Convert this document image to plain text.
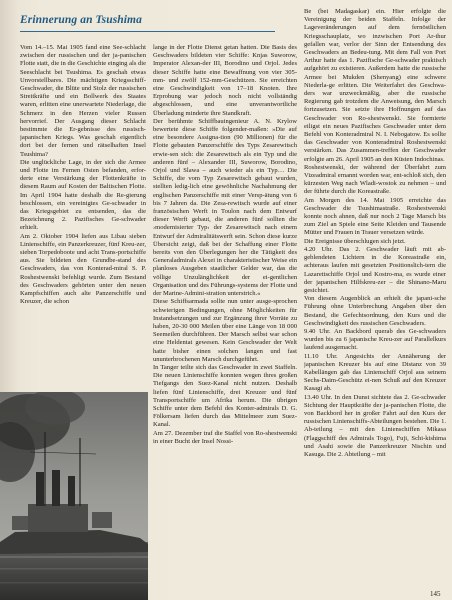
Erinnerung an Tsushima

Vom 14.–15. Mai 1905 fand eine See-schlacht zwischen der russischen und der ja-panischen Flotte statt, die in die Geschichte einging als die Seeschlacht bei Tsushima. Es geschah etwas Unvorstellbares. Die mächtigen Kriegsschiff-Geschwader, die Blüte und Stolz der russischen Streitkräfte und ein Bollwerk des Staates waren, erlitten eine unerwartete Niederlage, die Schmerz in den Herzen vieler Russen hervorrief. Der Ausgang dieser Schlacht bestimmte die Er-gebnisse des russisch-japanischen Kriegs. Was geschah eigentlich dort bei der fernen und rätselhaften Insel Tsushima?

Die unglückliche Lage, in der sich die Armee und Flotte im Fernen Osten befanden, erfor-derte eine Verstärkung der Flottenkräfte in diesem Raum auf Kosten der Baltischen Flotte. Im April 1904 hatte deshalb die Re-gierung beschlossen, ein vereinigtes Ge-schwader in das Kriegsgebiet zu entsenden, das die Bezeichnung 2. Pazifisches Ge-schwader erhielt.

Am 2. Oktober 1904 liefen aus Libau sieben Linienschiffe, ein Panzerkreuzer, fünf Kreu-zer, sieben Torpedoboote und acht Trans-portschiffe aus. Sie bildeten den Grundbe-stand des Geschwaders, das von Konterad-miral S. P. Roshestwenski befehligt wurde. Zum Bestand des Geschwaders gehörten unter den neuen Kampfschiffen auch alte Panzerschiffe und Kreuzer, die schon

lange in der Flotte Dienst getan hatten. Die Basis des Geschwaders bildeten vier Schiffe: Knjas Suworow, Imperator Alexan-der III, Borodino und Orjol. Jedes dieser Schiffe hatte eine Bewaffnung von vier 305-mm- und zwölf 152-mm-Geschützen. Sie erreichten eine Geschwindigkeit von 17–18 Knoten. Ihre Erprobung war jedoch noch nicht vollständig abgeschlossen, und eine unverantwortliche Überladung minderte ihre Standkraft.

Der berühmte Schiffbauingenieur A. N. Krylow bewertete diese Schiffe folgender-maßen: »Die auf eine besondere Assigna-tion (90 Millionen) für die Flotte gebauten Panzerschiffe des Typs Zesarewitsch erwie-sen sich: die Zesarewitsch als ein Typ und die anderen fünf – Alexander III, Suworow, Borodino, Orjol und Slawa – auch wieder als ein Typ… Die Schiffe, die vom Typ Zesarewitsch gebaut wurden, stellten ledig-lich eine gewöhnliche Nachahmung der englischen Panzerschiffe mit einer Versp-ätung von 6 bis 7 Jahren da. Die Zesa-rewitsch wurde auf einer französischen Werft in Toulon nach dem Entwurf dieser Werft gebaut, die anderen fünf sollten die ›modernisierter Typ‹ der Zesarewitsch nach einem Entwurf der Admiralitätswerft sein. Schon diese kurze Übersicht zeigt, daß bei der Schaffung einer Flotte bereits von den Überlegungen her die Tätigkeit des Generaladmirals Alexei in charakteristischer Weise ein planloses Ausgeben staatlicher Gelder war, das die völlige Unzulänglichkeit der ei-gentlichen Organisation und des Führungs-systems der Flotte und der Marine-Admini-stration unterstrich.«

Diese Schiffsarmada sollte nun unter ausge-sprochen schwierigen Bedingungen, ohne Möglichkeiten für Instandsetzungen und zur Ergänzung ihrer Vorräte zu haben, 20-30 000 Meilen über eine Länge von 18 000 Seemeilen durchführen. Der Marsch selbst war schon eine Heldentat gewesen. Kein Geschwader der Welt hatte bisher einen solchen langen und fast ununterbrochenen Marsch durchgeführt.

In Tanger teilte sich das Geschwader in zwei Staffeln. Die neuen Linienschiffe konnten wegen ihres großen Tiefgangs den Suez-Kanal nicht nutzen. Deshalb liefen fünf Linienschiffe, drei Kreuzer und fünf Transportschiffe um Afrika herum. Die übrigen Schiffe unter dem Befehl des Konter-admirals D. G. Fölkersam liefen durch das Mittelmeer zum Suez-Kanal.

Am 27. Dezember traf die Staffel von Ro-shestwenski in einer Bucht der Insel Nossi-

Be (bei Madagaskar) ein. Hier erfolgte die Vereinigung der beiden Staffeln. Infolge der Lageveränderungen auf dem fernöstlichen Kriegsschauplatz, wo inzwischen Port Ar-thur gefallen war, verlor der Sinn der Entsendung des Geschwaders an Bedeu-tung. Mit dem Fall von Port Arthur hatte das 1. Pazifische Ge-schwader praktisch aufgehört zu existieren. Außerdem hatte die russische Armee bei Mukden (Shenyang) eine schwere Niederla-ge erlitten. Die Weiterfahrt des Geschwa-ders war unzweckmäßig, aber die russische Regierung gab trotzdem die Anweisung, den Marsch fortzusetzen. Sie setzte ihre Hoffnungen auf das Geschwader von Ro-shestwenski. Sie formierte eiligst ein neues Pazifisches Geschwader unter dem Befehl von Konteradmiral N. I. Nebogatow. Es sollte das Geschwader von Konteradmiral Roshestwenski verstärken. Das Zusammen-treffen der Geschwader erfolgte am 26. April 1905 an den Küsten Indochinas.

Roshestwenski, der während der Überfahrt zum Vizeadmiral ernannt worden war, ent-schloß sich, den kürzesten Weg nach Wladi-wostok zu nehmen – und der führte durch die Koreastraße.

Am Morgen des 14. Mai 1905 erreichte das Geschwader die Tsushimastraße. Roshestwenski konnte noch ahnen, daß nur noch 2 Tage Marsch bis zum Ziel an Spiele eine Seite Kleiden und Tausende Mütter und Frauen in Trauer versetzen würde.

Die Ereignisse überschlugen sich jetzt.

4.20 Uhr. Das 2. Geschwader läuft mit ab-geblendeten Lichtern in die Koreastraße ein, achteraus laufen mit gesetzten Positionslich-tern die Lazarettschiffe Orjol und Kostro-ma, es wurde einer der japanischen Hilfskreu-zer – die Shinano-Maru gesichtet.

Von diesem Augenblick an erhielt die japani-sche Führung ohne Unterbrechung Angaben über den Bestand, die Gefechtsordnung, den Kurs und die Geschwindigkeit des russischen Geschwaders.

9.40 Uhr. An Backbord querab des Ge-schwaders wurden bis zu 6 japanische Kreu-zer auf Parallelkurs laufend ausgemacht.

11.10 Uhr. Angesichts der Annäherung der japanischen Kreuzer bis auf eine Distanz von 39 Kabellängen gab das Linienschiff Orjol aus seinem Sechs-Daim-Geschütz ei-nen Schuß auf den Kreuzer Kasagi ab.

13.40 Uhr. In den Dunst sichtete das 2. Ge-schwader Sichtung der Hauptkräfte der ja-panischen Flotte, die von Backbord her in großer Fahrt auf den Kurs der russischen Linienschiffs-Abteilungen bestehen. Die 1. Ab-teilung – mit den Linienschiffen Mikasa (Flaggschiff des Admirals Togo), Fuji, Schi-kishima und Asahi sowie die Panzerkreuzer Nischin und Kasuga. Die 2. Abteilung – mit

145
